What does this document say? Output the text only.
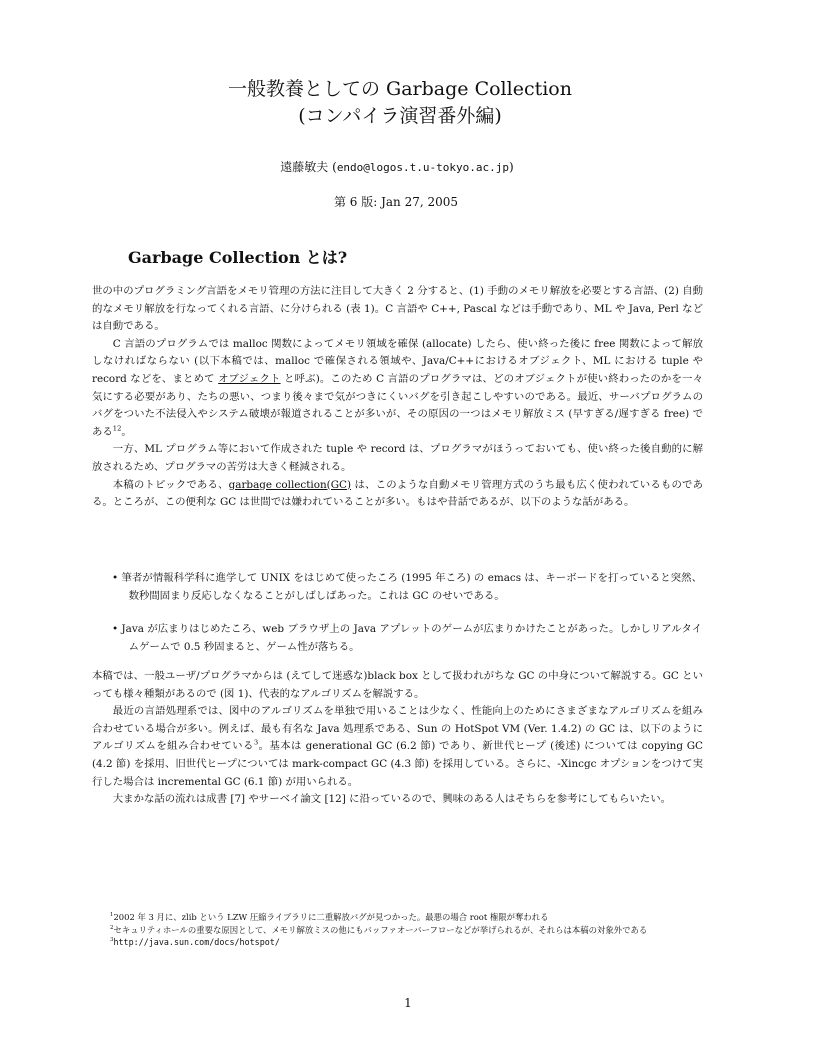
一般教養としての Garbage Collection
(コンパイラ演習番外編)
遠藤敏夫 (endo@logos.t.u-tokyo.ac.jp)
第 6 版: Jan 27, 2005
Garbage Collection とは?

世の中のプログラミング言語をメモリ管理の方法に注目して大きく 2 分すると、(1) 手動のメモリ解放を必要とする言語、(2) 自動的なメモリ解放を行なってくれる言語、に分けられる (表 1)。C 言語や C++, Pascal などは手動であり、ML や Java, Perl などは自動である。

C 言語のプログラムでは malloc 関数によってメモリ領域を確保 (allocate) したら、使い終った後に free 関数によって解放しなければならない (以下本稿では、malloc で確保される領域や、Java/C++におけるオブジェクト、ML における tuple や record などを、まとめて オブジェクト と呼ぶ)。このため C 言語のプログラマは、どのオブジェクトが使い終わったのかを一々気にする必要があり、たちの悪い、つまり後々まで気がつきにくいバグを引き起こしやすいのである。最近、サーバプログラムのバグをついた不法侵入やシステム破壊が報道されることが多いが、その原因の一つはメモリ解放ミス (早すぎる/遅すぎる free) である$^{12}$。

一方、ML プログラム等において作成された tuple や record は、プログラマがほうっておいても、使い終った後自動的に解放されるため、プログラマの苦労は大きく軽減される。

本稿のトピックである、garbage collection(GC) は、このような自動メモリ管理方式のうち最も広く使われているものである。ところが、この便利な GC は世間では嫌われていることが多い。もはや昔話であるが、以下のような話がある。

• 筆者が情報科学科に進学して UNIX をはじめて使ったころ (1995 年ころ) の emacs は、キーボードを打っていると突然、数秒間固まり反応しなくなることがしばしばあった。これは GC のせいである。

• Java が広まりはじめたころ、web ブラウザ上の Java アプレットのゲームが広まりかけたことがあった。しかしリアルタイムゲームで 0.5 秒固まると、ゲーム性が落ちる。

本稿では、一般ユーザ/プログラマからは (えてして迷惑な)black box として扱われがちな GC の中身について解説する。GC といっても様々種類があるので (図 1)、代表的なアルゴリズムを解説する。

最近の言語処理系では、図中のアルゴリズムを単独で用いることは少なく、性能向上のためにさまざまなアルゴリズムを組み合わせている場合が多い。例えば、最も有名な Java 処理系である、Sun の HotSpot VM (Ver. 1.4.2) の GC は、以下のようにアルゴリズムを組み合わせている$^3$。基本は generational GC (6.2 節) であり、新世代ヒープ (後述) については copying GC (4.2 節) を採用、旧世代ヒープについては mark-compact GC (4.3 節) を採用している。さらに、-Xincgc オプションをつけて実行した場合は incremental GC (6.1 節) が用いられる。

大まかな話の流れは成書 [7] やサーベイ論文 [12] に沿っているので、興味のある人はそちらを参考にしてもらいたい。

$^1$2002 年 3 月に、zlib という LZW 圧縮ライブラリに二重解放バグが見つかった。最悪の場合 root 権限が奪われる

$^2$セキュリティホールの重要な原因として、メモリ解放ミスの他にもバッファオーバーフローなどが挙げられるが、それらは本稿の対象外である

$^3$http://java.sun.com/docs/hotspot/

1
